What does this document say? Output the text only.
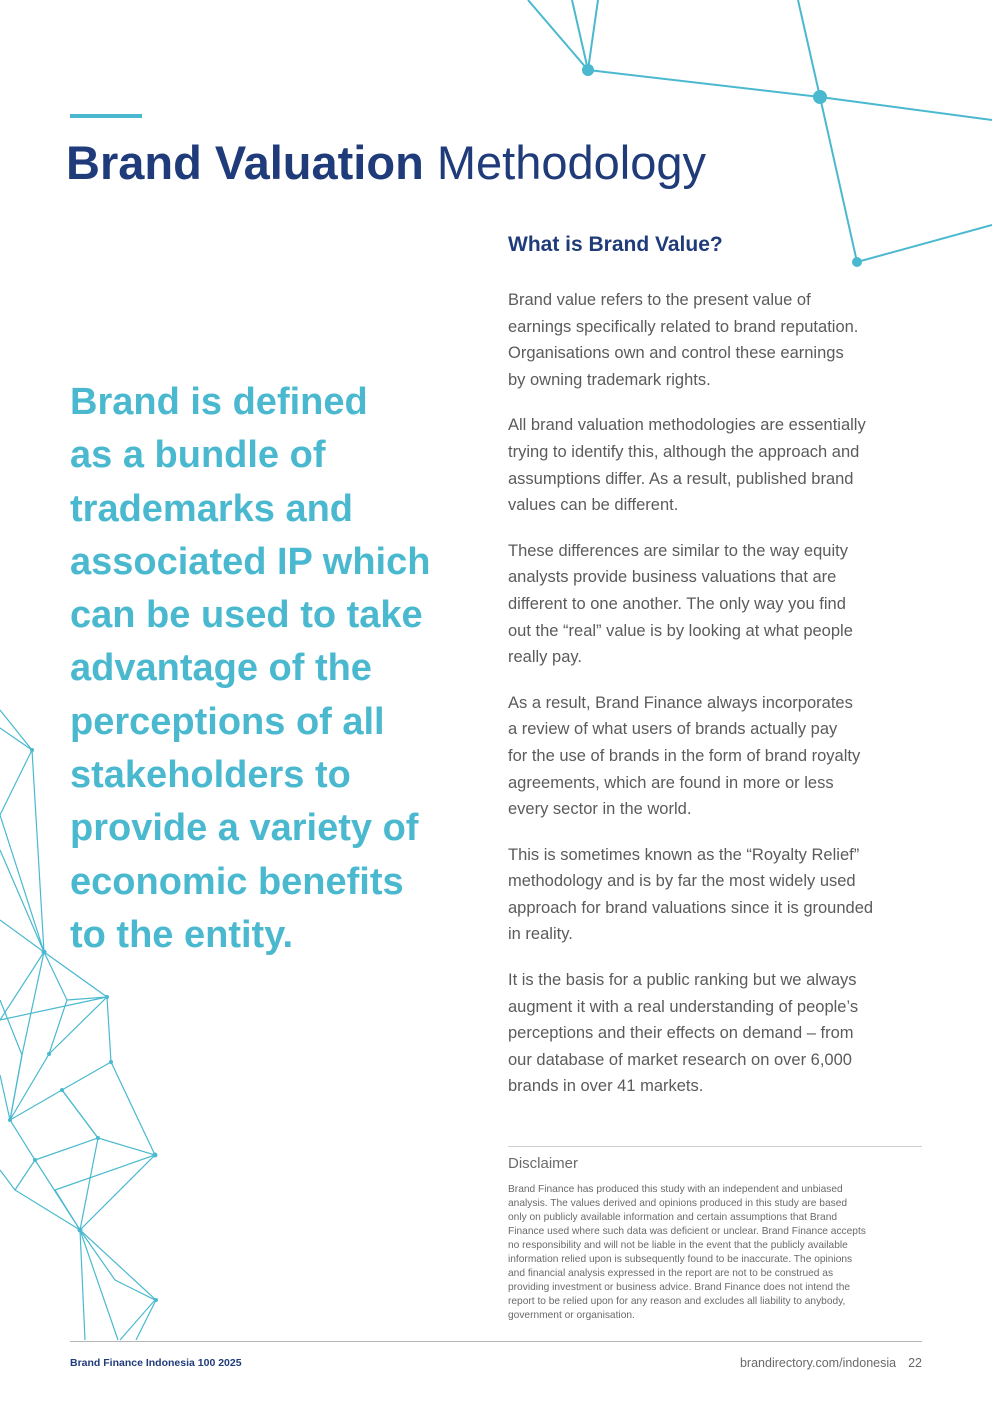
Brand Valuation Methodology

Brand is defined
as a bundle of
trademarks and
associated IP which
can be used to take
advantage of the
perceptions of all
stakeholders to
provide a variety of
economic benefits
to the entity.

What is Brand Value?

Brand value refers to the present value of
earnings specifically related to brand reputation.
Organisations own and control these earnings
by owning trademark rights.

All brand valuation methodologies are essentially
trying to identify this, although the approach and
assumptions differ. As a result, published brand
values can be different.

These differences are similar to the way equity
analysts provide business valuations that are
different to one another. The only way you find
out the “real” value is by looking at what people
really pay.

As a result, Brand Finance always incorporates
a review of what users of brands actually pay
for the use of brands in the form of brand royalty
agreements, which are found in more or less
every sector in the world.

This is sometimes known as the “Royalty Relief”
methodology and is by far the most widely used
approach for brand valuations since it is grounded
in reality.

It is the basis for a public ranking but we always
augment it with a real understanding of people’s
perceptions and their effects on demand – from
our database of market research on over 6,000
brands in over 41 markets.

Disclaimer

Brand Finance has produced this study with an independent and unbiased
analysis. The values derived and opinions produced in this study are based
only on publicly available information and certain assumptions that Brand
Finance used where such data was deficient or unclear. Brand Finance accepts
no responsibility and will not be liable in the event that the publicly available
information relied upon is subsequently found to be inaccurate. The opinions
and financial analysis expressed in the report are not to be construed as
providing investment or business advice. Brand Finance does not intend the
report to be relied upon for any reason and excludes all liability to anybody,
government or organisation.

Brand Finance Indonesia 100 2025	brandirectory.com/indonesia 22
